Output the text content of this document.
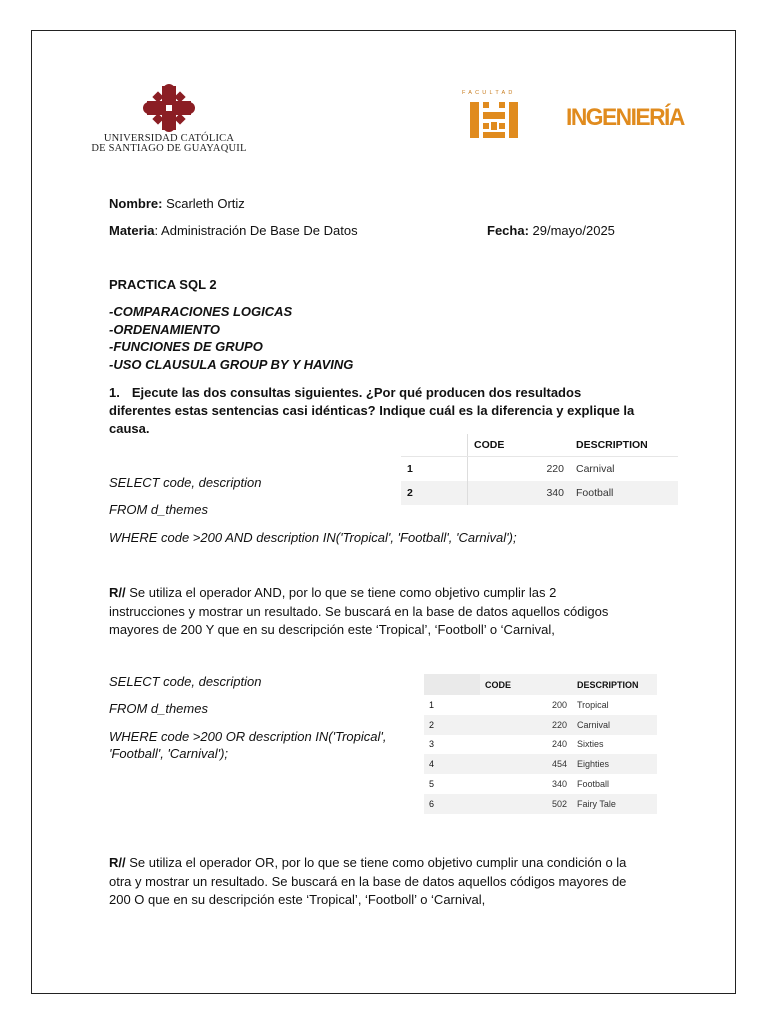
UNIVERSIDAD CATÓLICA
DE SANTIAGO DE GUAYAQUIL
FACULTAD
INGENIERÍA
Nombre: Scarleth Ortiz
Materia: Administración De Base De Datos	Fecha: 29/mayo/2025
PRACTICA SQL 2
-COMPARACIONES LOGICAS
-ORDENAMIENTO
-FUNCIONES DE GRUPO
-USO CLAUSULA GROUP BY Y HAVING
1. Ejecute las dos consultas siguientes. ¿Por qué producen dos resultados
diferentes estas sentencias casi idénticas? Indique cuál es la diferencia y explique la
causa.
SELECT code, description
FROM d_themes
WHERE code >200 AND description IN('Tropical', 'Football', 'Carnival');
	CODE	DESCRIPTION
1	220	Carnival
2	340	Football
R// Se utiliza el operador AND, por lo que se tiene como objetivo cumplir las 2
instrucciones y mostrar un resultado. Se buscará en la base de datos aquellos códigos
mayores de 200 Y que en su descripción este ‘Tropical’, ‘Footboll’ o ‘Carnival,
SELECT code, description
FROM d_themes
WHERE code >200 OR description IN('Tropical',
'Football', 'Carnival');
	CODE	DESCRIPTION
1	200	Tropical
2	220	Carnival
3	240	Sixties
4	454	Eighties
5	340	Football
6	502	Fairy Tale
R// Se utiliza el operador OR, por lo que se tiene como objetivo cumplir una condición o la
otra y mostrar un resultado. Se buscará en la base de datos aquellos códigos mayores de
200 O que en su descripción este ‘Tropical’, ‘Footboll’ o ‘Carnival,
